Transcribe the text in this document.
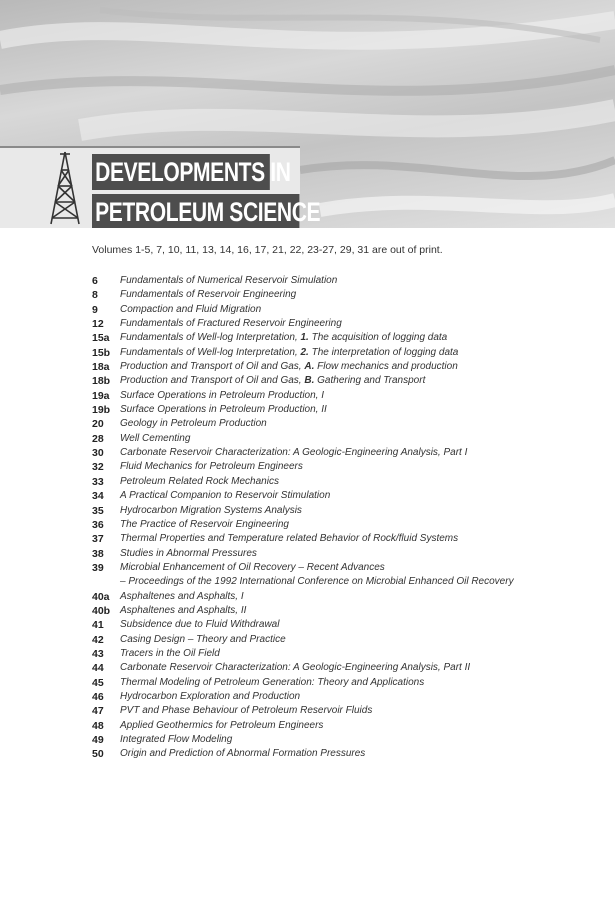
DEVELOPMENTS IN
PETROLEUM SCIENCE
Volumes 1-5, 7, 10, 11, 13, 14, 16, 17, 21, 22, 23-27, 29, 31 are out of print.
6	Fundamentals of Numerical Reservoir Simulation
8	Fundamentals of Reservoir Engineering
9	Compaction and Fluid Migration
12	Fundamentals of Fractured Reservoir Engineering
15a	Fundamentals of Well-log Interpretation, 1. The acquisition of logging data
15b Fundamentals of Well-log Interpretation, 2. The interpretation of logging data
18a	Production and Transport of Oil and Gas, A. Flow mechanics and production
18b Production and Transport of Oil and Gas, B. Gathering and Transport
19a	Surface Operations in Petroleum Production, I
19b Surface Operations in Petroleum Production, II
20	Geology in Petroleum Production
28	Well Cementing
30	Carbonate Reservoir Characterization: A Geologic-Engineering Analysis, Part I
32	Fluid Mechanics for Petroleum Engineers
33	Petroleum Related Rock Mechanics
34	A Practical Companion to Reservoir Stimulation
35	Hydrocarbon Migration Systems Analysis
36	The Practice of Reservoir Engineering
37	Thermal Properties and Temperature related Behavior of Rock/fluid Systems
38	Studies in Abnormal Pressures
39	Microbial Enhancement of Oil Recovery – Recent Advances
– Proceedings of the 1992 International Conference on Microbial Enhanced Oil Recovery
40a	Asphaltenes and Asphalts, I
40b Asphaltenes and Asphalts, II
41	Subsidence due to Fluid Withdrawal
42	Casing Design – Theory and Practice
43	Tracers in the Oil Field
44	Carbonate Reservoir Characterization: A Geologic-Engineering Analysis, Part II
45	Thermal Modeling of Petroleum Generation: Theory and Applications
46	Hydrocarbon Exploration and Production
47	PVT and Phase Behaviour of Petroleum Reservoir Fluids
48	Applied Geothermics for Petroleum Engineers
49	Integrated Flow Modeling
50	Origin and Prediction of Abnormal Formation Pressures
